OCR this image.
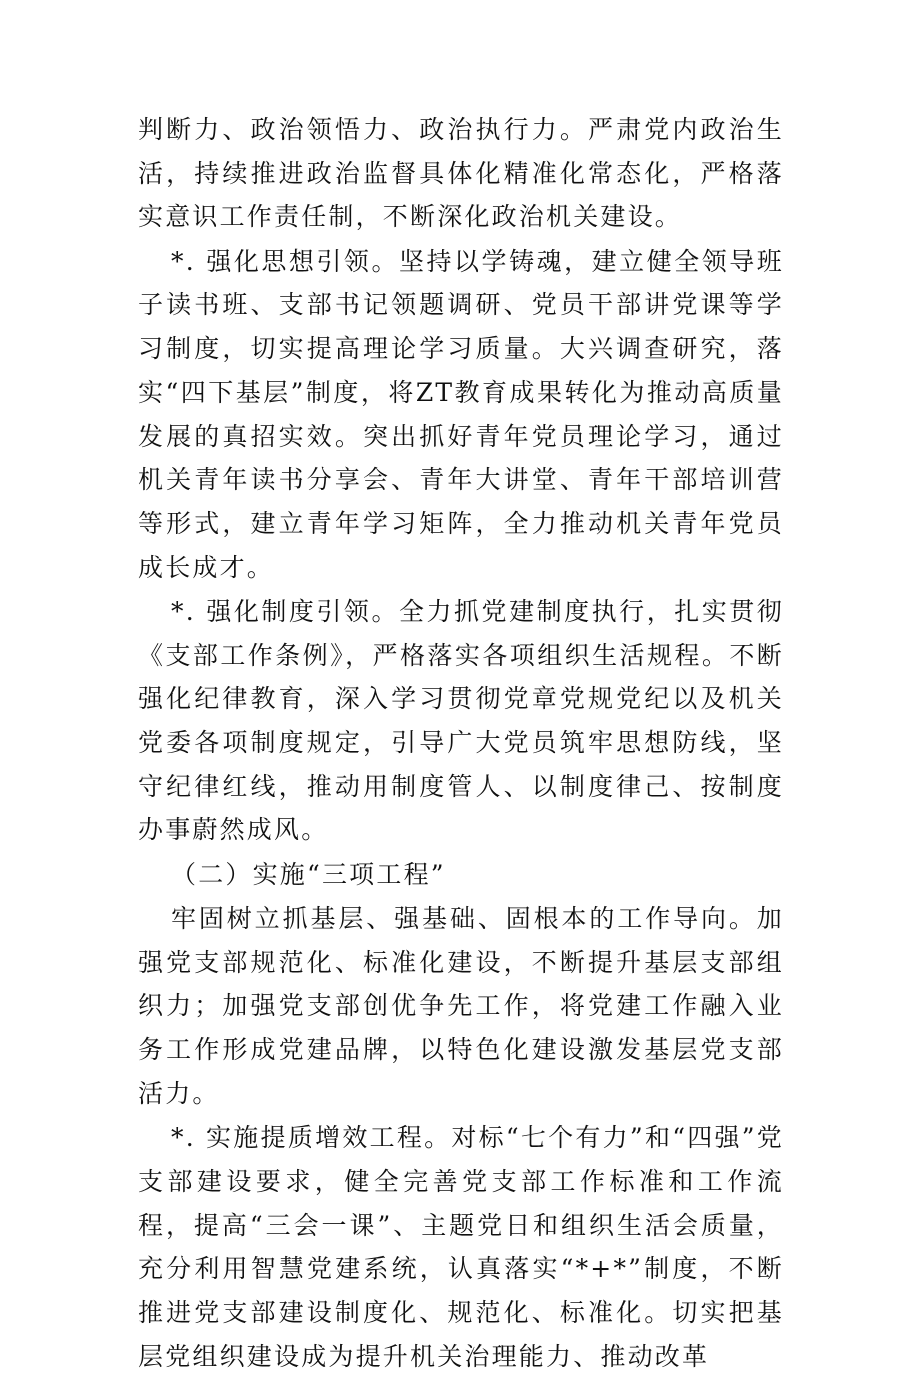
判断力、政治领悟力、政治执行力。严肃党内政治生活，持续推进政治监督具体化精准化常态化，严格落实意识工作责任制，不断深化政治机关建设。

*. 强化思想引领。坚持以学铸魂，建立健全领导班子读书班、支部书记领题调研、党员干部讲党课等学习制度，切实提高理论学习质量。大兴调查研究，落实“四下基层”制度，将ZT教育成果转化为推动高质量发展的真招实效。突出抓好青年党员理论学习，通过机关青年读书分享会、青年大讲堂、青年干部培训营等形式，建立青年学习矩阵，全力推动机关青年党员成长成才。

*. 强化制度引领。全力抓党建制度执行，扎实贯彻《支部工作条例》，严格落实各项组织生活规程。不断强化纪律教育，深入学习贯彻党章党规党纪以及机关党委各项制度规定，引导广大党员筑牢思想防线，坚守纪律红线，推动用制度管人、以制度律己、按制度办事蔚然成风。

（二）实施“三项工程”

牢固树立抓基层、强基础、固根本的工作导向。加强党支部规范化、标准化建设，不断提升基层支部组织力；加强党支部创优争先工作，将党建工作融入业务工作形成党建品牌，以特色化建设激发基层党支部活力。

*. 实施提质增效工程。对标“七个有力”和“四强”党支部建设要求，健全完善党支部工作标准和工作流程，提高“三会一课”、主题党日和组织生活会质量，充分利用智慧党建系统，认真落实“*+*”制度，不断推进党支部建设制度化、规范化、标准化。切实把基层党组织建设成为提升机关治理能力、推动改革
